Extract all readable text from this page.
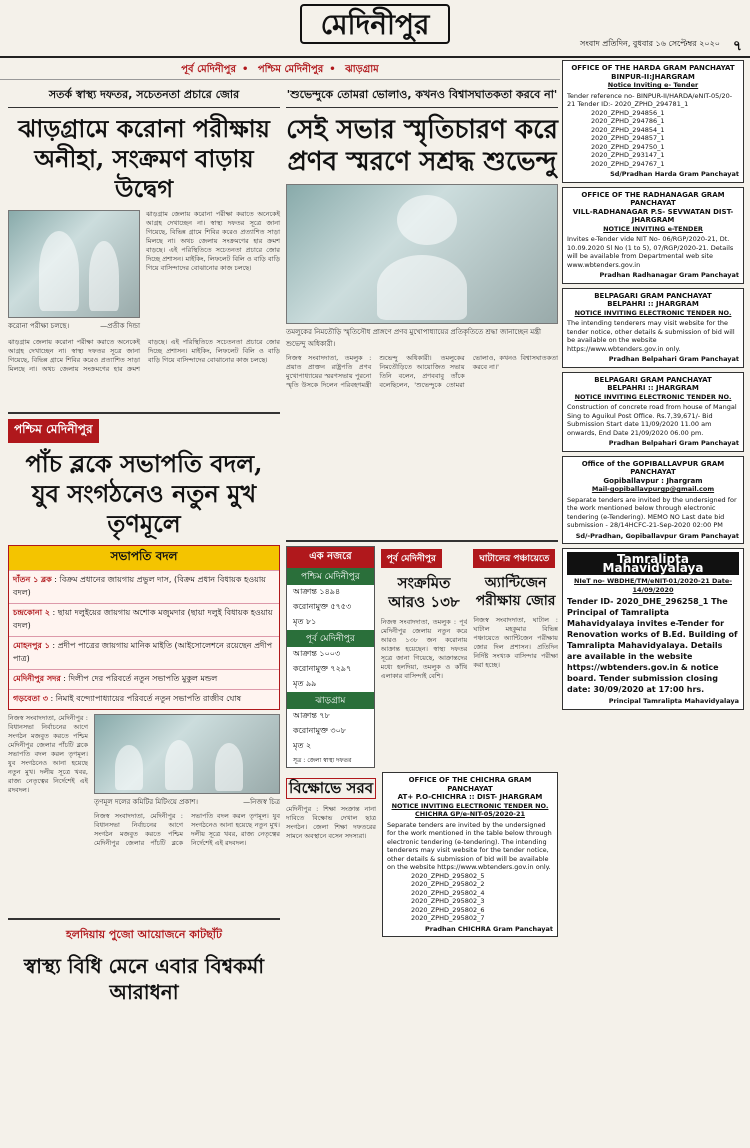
মেদিনীপুর
সংবাদ প্রতিদিন, বুধবার ১৬ সেপ্টেম্বর ২০২০ ৭
পূর্ব মেদিনীপুর • পশ্চিম মেদিনীপুর • ঝাড়গ্রাম
সতর্ক স্বাস্থ্য দফতর, সচেতনতা প্রচারে জোর
ঝাড়গ্রামে করোনা পরীক্ষায় অনীহা, সংক্রমণ বাড়ায় উদ্বেগ
করোনা পরীক্ষা চলছে।	—প্রতীক দিন্ডা
ঝাড়গ্রাম জেলায় করোনা পরীক্ষা করাতে অনেকেই আগ্রহ দেখাচ্ছেন না। স্বাস্থ্য দফতর সূত্রে জানা গিয়েছে, বিভিন্ন গ্রামে শিবির করেও প্রত্যাশিত সাড়া মিলছে না। অথচ জেলায় সংক্রমণের হার ক্রমশ বাড়ছে। এই পরিস্থিতিতে সচেতনতা প্রচারে জোর দিচ্ছে প্রশাসন। মাইকিং, লিফলেট বিলি ও বাড়ি বাড়ি গিয়ে বাসিন্দাদের বোঝানোর কাজ চলছে।
ঝাড়গ্রাম জেলায় করোনা পরীক্ষা করাতে অনেকেই আগ্রহ দেখাচ্ছেন না। স্বাস্থ্য দফতর সূত্রে জানা গিয়েছে, বিভিন্ন গ্রামে শিবির করেও প্রত্যাশিত সাড়া মিলছে না। অথচ জেলায় সংক্রমণের হার ক্রমশ বাড়ছে। এই পরিস্থিতিতে সচেতনতা প্রচারে জোর দিচ্ছে প্রশাসন। মাইকিং, লিফলেট বিলি ও বাড়ি বাড়ি গিয়ে বাসিন্দাদের বোঝানোর কাজ চলছে।
পশ্চিম মেদিনীপুর
পাঁচ ব্লকে সভাপতি বদল, যুব সংগঠনেও নতুন মুখ তৃণমূলে
সভাপতি বদল
দাঁতন ১ ব্লক : বিক্রম প্রধানের জায়গায় প্রভুল দাস, (বিক্রম প্রধান বিধায়ক হওয়ায় বদল)
চন্দ্রকোনা ২ : ছায়া দলুইয়ের জায়গায় অশোক মজুমদার (ছায়া দলুই বিধায়ক হওয়ায় বদল)
মোহনপুর ১ : প্রদীপ পাত্রের জায়গায় মানিক মাইতি (আইসোলেশনে রয়েছেন প্রদীপ পাত্র)
মেদিনীপুর সদর : দিলীপ দের পরিবর্তে নতুন সভাপতি মুকুল মন্ডল
গড়বেতা ৩ : নিমাই বন্দ্যোপাধ্যায়ের পরিবর্তে নতুন সভাপতি রাজীব ঘোষ
নিজস্ব সংবাদদাতা, মেদিনীপুর : বিধানসভা নির্বাচনের আগে সংগঠন মজবুত করতে পশ্চিম মেদিনীপুর জেলার পাঁচটি ব্লকে সভাপতি বদল করল তৃণমূল। যুব সংগঠনেও আনা হয়েছে নতুন মুখ। দলীয় সূত্রে খবর, রাজ্য নেতৃত্বের নির্দেশেই এই রদবদল।
তৃণমূল দলের কমিটির মিটিংয়ে প্রকাশ।	—নিজস্ব চিত্র
নিজস্ব সংবাদদাতা, মেদিনীপুর : বিধানসভা নির্বাচনের আগে সংগঠন মজবুত করতে পশ্চিম মেদিনীপুর জেলার পাঁচটি ব্লকে সভাপতি বদল করল তৃণমূল। যুব সংগঠনেও আনা হয়েছে নতুন মুখ। দলীয় সূত্রে খবর, রাজ্য নেতৃত্বের নির্দেশেই এই রদবদল।
হলদিয়ায় পুজো আয়োজনে কাটছাঁট
স্বাস্থ্য বিধি মেনে এবার বিশ্বকর্মা আরাধনা
'শুভেন্দুকে তোমরা ভোলাও, কখনও বিশ্বাসঘাতকতা করবে না'
সেই সভার স্মৃতিচারণ করে প্রণব স্মরণে সশ্রদ্ধ শুভেন্দু
তমলুকের নিমতৌড়ি স্মৃতিসৌধ প্রাঙ্গণে প্রণব মুখোপাধ্যায়ের প্রতিকৃতিতে শ্রদ্ধা জানাচ্ছেন মন্ত্রী শুভেন্দু অধিকারী।
নিজস্ব সংবাদদাতা, তমলুক : প্রয়াত প্রাক্তন রাষ্ট্রপতি প্রণব মুখোপাধ্যায়ের স্মরণসভায় পুরনো স্মৃতি উসকে দিলেন পরিবহণমন্ত্রী শুভেন্দু অধিকারী। তমলুকের নিমতৌড়িতে আয়োজিত সভায় তিনি বলেন, প্রণববাবু তাঁকে বলেছিলেন, 'শুভেন্দুকে তোমরা ভোলাও, কখনও বিশ্বাসঘাতকতা করবে না।'
এক নজরে
পশ্চিম মেদিনীপুর
আক্রান্ত ১৪৯৪
করোনামুক্ত ৫৭৫৩
মৃত ৮১
পূর্ব মেদিনীপুর
আক্রান্ত ১০০৩
করোনামুক্ত ৭২৯৭
মৃত ৯৯
ঝাড়গ্রাম
আক্রান্ত ৭৮
করোনামুক্ত ৩০৮
মৃত ২
সূত্র : জেলা স্বাস্থ্য দফতর
পূর্ব মেদিনীপুর
সংক্রমিত আরও ১৩৮
নিজস্ব সংবাদদাতা, তমলুক : পূর্ব মেদিনীপুর জেলায় নতুন করে আরও ১৩৮ জন করোনায় আক্রান্ত হয়েছেন। স্বাস্থ্য দফতর সূত্রে জানা গিয়েছে, আক্রান্তদের মধ্যে হলদিয়া, তমলুক ও কাঁথি এলাকার বাসিন্দাই বেশি।
ঘাটালের পঞ্চায়েতে
অ্যান্টিজেন পরীক্ষায় জোর
নিজস্ব সংবাদদাতা, ঘাটাল : ঘাটাল মহকুমার বিভিন্ন পঞ্চায়েতে অ্যান্টিজেন পরীক্ষায় জোর দিল প্রশাসন। প্রতিদিন নির্দিষ্ট সংখ্যক বাসিন্দার পরীক্ষা করা হচ্ছে।
বিক্ষোভে সরব
মেদিনীপুর : শিক্ষা সংক্রান্ত নানা দাবিতে বিক্ষোভ দেখাল ছাত্র সংগঠন। জেলা শিক্ষা দফতরের সামনে অবস্থানে বসেন সদস্যরা।
OFFICE OF THE CHICHRA GRAM PANCHAYAT
AT+ P.O-CHICHRA :: DIST- JHARGRAM
NOTICE INVITING ELECTRONIC TENDER NO. CHICHRA GP/e-NIT-05/2020-21
Separate tenders are invited by the undersigned for the work mentioned in the table below through electronic tendering (e-tendering). The intending tenderers may visit website for the tender notice, other details & submission of bid will be available on the website https://www.wbtenders.gov.in only.
2020_ZPHD_295802_5 2020_ZPHD_295802_2
2020_ZPHD_295802_4 2020_ZPHD_295802_3
2020_ZPHD_295802_6 2020_ZPHD_295802_7
Pradhan CHICHRA Gram Panchayat
OFFICE OF THE HARDA GRAM PANCHAYAT
BINPUR-II:JHARGRAM
Notice Inviting e- Tender
Tender reference no- BINPUR-II/HARDA/eNIT-05/20-21 Tender ID:- 2020_ZPHD_294781_1
2020_ZPHD_294856_1
2020_ZPHD_294786_1
2020_ZPHD_294854_1
2020_ZPHD_294857_1
2020_ZPHD_294750_1
2020_ZPHD_293147_1
2020_ZPHD_294767_1
Sd/Pradhan Harda Gram Panchayat
OFFICE OF THE RADHANAGAR GRAM PANCHAYAT
VILL-RADHANAGAR P.S- SEVWATAN DIST- JHARGRAM
NOTICE INVITING e-TENDER
Invites e-Tender vide NIT No- 06/RGP/2020-21, Dt. 10.09.2020 Sl No (1 to 5), 07/RGP/2020-21. Details will be available from Departmental web site www.wbtenders.gov.in
Pradhan Radhanagar Gram Panchayat
BELPAGARI GRAM PANCHAYAT
BELPAHRI :: JHARGRAM
NOTICE INVITING ELECTRONIC TENDER NO.
The intending tenderers may visit website for the tender notice, other details & submission of bid will be available on the website https://www.wbtenders.gov.in only.
Pradhan Belpahari Gram Panchayat
BELPAGARI GRAM PANCHAYAT
BELPAHRI :: JHARGRAM
NOTICE INVITING ELECTRONIC TENDER NO.
Construction of concrete road from house of Mangal Sing to Aguikul Post Office. Rs.7,39,671/- Bid Submission Start date 11/09/2020 11.00 am onwards, End Date 21/09/2020 06.00 pm.
Pradhan Belpahari Gram Panchayat
Office of the GOPIBALLAVPUR GRAM PANCHAYAT
Gopiballavpur : Jhargram
Mail-gopiballavpurgp@gmail.com
Separate tenders are invited by the undersigned for the work mentioned below through electronic tendering (e-Tendering). MEMO NO Last date bid submission - 28/14HCFC-21-Sep-2020 02:00 PM
Sd/-Pradhan, Gopiballavpur Gram Panchayat
Tamralipta Mahavidyalaya
NIeT no- WBDHE/TM/eNIT-01/2020-21 Date-14/09/2020
Tender ID- 2020_DHE_296258_1 The Principal of Tamralipta Mahavidyalaya invites e-Tender for Renovation works of B.Ed. Building of Tamralipta Mahavidyalaya. Details are available in the website https://wbtenders.gov.in & notice board. Tender submission closing date: 30/09/2020 at 17:00 hrs.
Principal Tamralipta Mahavidyalaya
